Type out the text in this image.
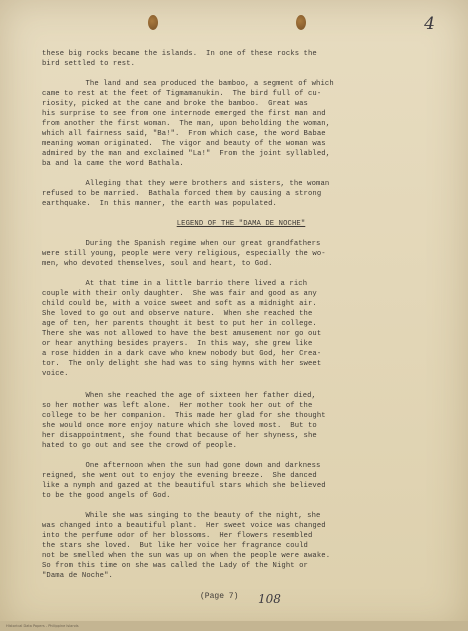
4
these big rocks became the islands.  In one of these rocks the
bird settled to rest.
The land and sea produced the bamboo, a segment of which
came to rest at the feet of Tigmamanukin.  The bird full of cu-
riosity, picked at the cane and broke the bamboo.  Great was
his surprise to see from one internode emerged the first man and
from another the first woman.  The man, upon beholding the woman,
which all fairness said, "Ba!".  From which case, the word Babae
meaning woman originated.  The vigor and beauty of the woman was
admired by the man and exclaimed "La!"  From the joint syllabled,
ba and la came the word Bathala.
Alleging that they were brothers and sisters, the woman
refused to be married.  Bathala forced them by causing a strong
earthquake.  In this manner, the earth was populated.
LEGEND OF THE "DAMA DE NOCHE"
During the Spanish regime when our great grandfathers
were still young, people were very religious, especially the wo-
men, who devoted themselves, soul and heart, to God.
At that time in a little barrio there lived a rich
couple with their only daughter.  She was fair and good as any
child could be, with a voice sweet and soft as a midnight air.
She loved to go out and observe nature.  When she reached the
age of ten, her parents thought it best to put her in college.
There she was not allowed to have the best amusement nor go out
or hear anything besides prayers.  In this way, she grew like
a rose hidden in a dark cave who knew nobody but God, her Crea-
tor.  The only delight she had was to sing hymns with her sweet
voice.
When she reached the age of sixteen her father died,
so her mother was left alone.  Her mother took her out of the
college to be her companion.  This made her glad for she thought
she would once more enjoy nature which she loved most.  But to
her disappointment, she found that because of her shyness, she
hated to go out and see the crowd of people.
One afternoon when the sun had gone down and darkness
reigned, she went out to enjoy the evening breeze.  She danced
like a nymph and gazed at the beautiful stars which she believed
to be the good angels of God.
While she was singing to the beauty of the night, she
was changed into a beautiful plant.  Her sweet voice was changed
into the perfume odor of her blossoms.  Her flowers resembled
the stars she loved.  But like her voice her fragrance could
not be smelled when the sun was up on when the people were awake.
So from this time on she was called the Lady of the Night or
"Dama de Noche".
(Page 7) 108
Historical Data Papers - Philippine Islands
